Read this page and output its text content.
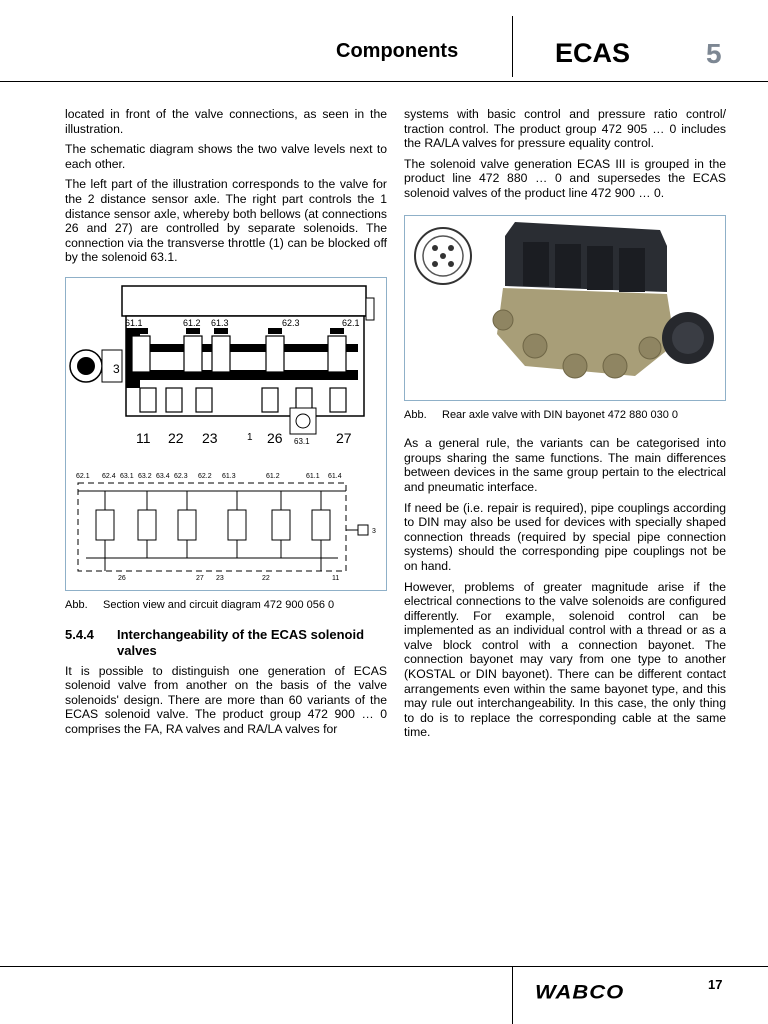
Components	ECAS	5

located in front of the valve connections, as seen in the illustration.

The schematic diagram shows the two valve levels next to each other.

The left part of the illustration corresponds to the valve for the 2 distance sensor axle. The right part controls the 1 distance sensor axle, whereby both bellows (at connections 26 and 27) are controlled by separate solenoids. The connection via the transverse throttle (1) can be blocked off by the solenoid 63.1.

61.1	61.2 61.3	62.3	62.1
3
11 22 23	1 26 63.1 27
62.1 62.4 63.1 63.2 63.4 62.3 62.2 61.3	61.2	61.1 61.4
26	27 23	22	11
3
Abb. Section view and circuit diagram 472 900 056 0
5.4.4	Interchangeability of the ECAS solenoid valves

It is possible to distinguish one generation of ECAS solenoid valve from another on the basis of the valve solenoids' design. There are more than 60 variants of the ECAS solenoid valve. The product group 472 900 … 0 comprises the FA, RA valves and RA/LA valves for

systems with basic control and pressure ratio control/ traction control. The product group 472 905 … 0 includes the RA/LA valves for pressure equality control.

The solenoid valve generation ECAS III is grouped in the product line 472 880 … 0 and supersedes the ECAS solenoid valves of the product line 472 900 … 0.

Abb. Rear axle valve with DIN bayonet 472 880 030 0

As a general rule, the variants can be categorised into groups sharing the same functions. The main differences between devices in the same group pertain to the electrical and pneumatic interface.

If need be (i.e. repair is required), pipe couplings according to DIN may also be used for devices with specially shaped connection threads (required by special pipe connection systems) should the corresponding pipe couplings not be on hand.

However, problems of greater magnitude arise if the electrical connections to the valve solenoids are configured differently. For example, solenoid control can be implemented as an individual control with a thread or as a valve block control with a connection bayonet. The connection bayonet may vary from one type to another (KOSTAL or DIN bayonet). There can be different contact arrangements even within the same bayonet type, and this may rule out interchangeability. In this case, the only thing to do is to replace the corresponding cable at the same time.

WABCO	17
